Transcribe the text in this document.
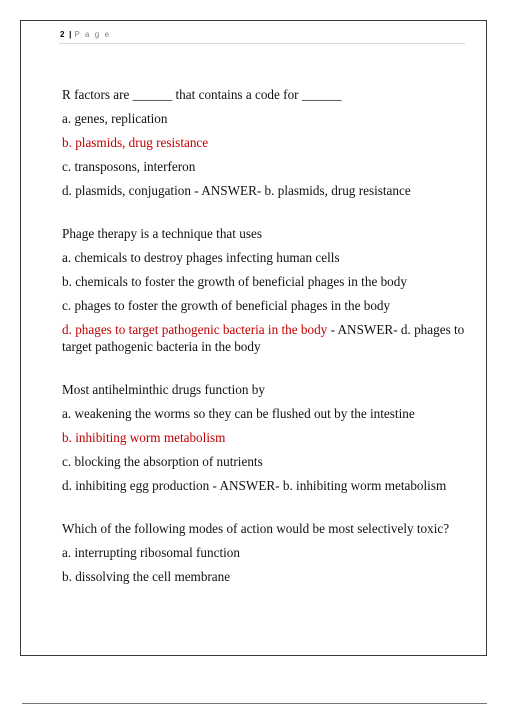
2 | P a g e
R factors are ______ that contains a code for ______
a. genes, replication
b. plasmids, drug resistance
c. transposons, interferon
d. plasmids, conjugation - ANSWER- b. plasmids, drug resistance
Phage therapy is a technique that uses
a. chemicals to destroy phages infecting human cells
b. chemicals to foster the growth of beneficial phages in the body
c. phages to foster the growth of beneficial phages in the body
d. phages to target pathogenic bacteria in the body - ANSWER- d. phages to target pathogenic bacteria in the body
Most antihelminthic drugs function by
a. weakening the worms so they can be flushed out by the intestine
b. inhibiting worm metabolism
c. blocking the absorption of nutrients
d. inhibiting egg production - ANSWER- b. inhibiting worm metabolism
Which of the following modes of action would be most selectively toxic?
a. interrupting ribosomal function
b. dissolving the cell membrane
